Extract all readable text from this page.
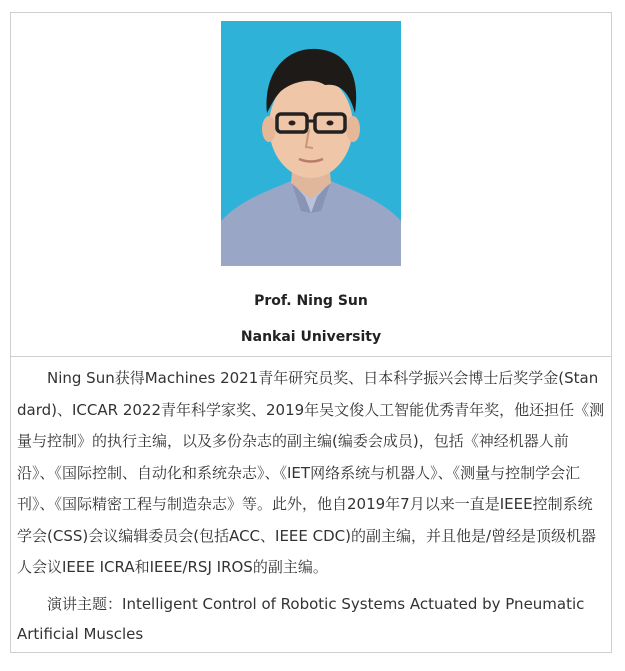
Prof. Ning Sun
Nankai University

Ning Sun获得Machines 2021青年研究员奖、日本科学振兴会博士后奖学金(Standard)、ICCAR 2022青年科学家奖、2019年吴文俊人工智能优秀青年奖，他还担任《测量与控制》的执行主编，以及多份杂志的副主编(编委会成员)，包括《神经机器人前沿》、《国际控制、自动化和系统杂志》、《IET网络系统与机器人》、《测量与控制学会汇刊》、《国际精密工程与制造杂志》等。此外，他自2019年7月以来一直是IEEE控制系统学会(CSS)会议编辑委员会(包括ACC、IEEE CDC)的副主编，并且他是/曾经是顶级机器人会议IEEE ICRA和IEEE/RSJ IROS的副主编。

演讲主题：Intelligent Control of Robotic Systems Actuated by Pneumatic Artificial Muscles
